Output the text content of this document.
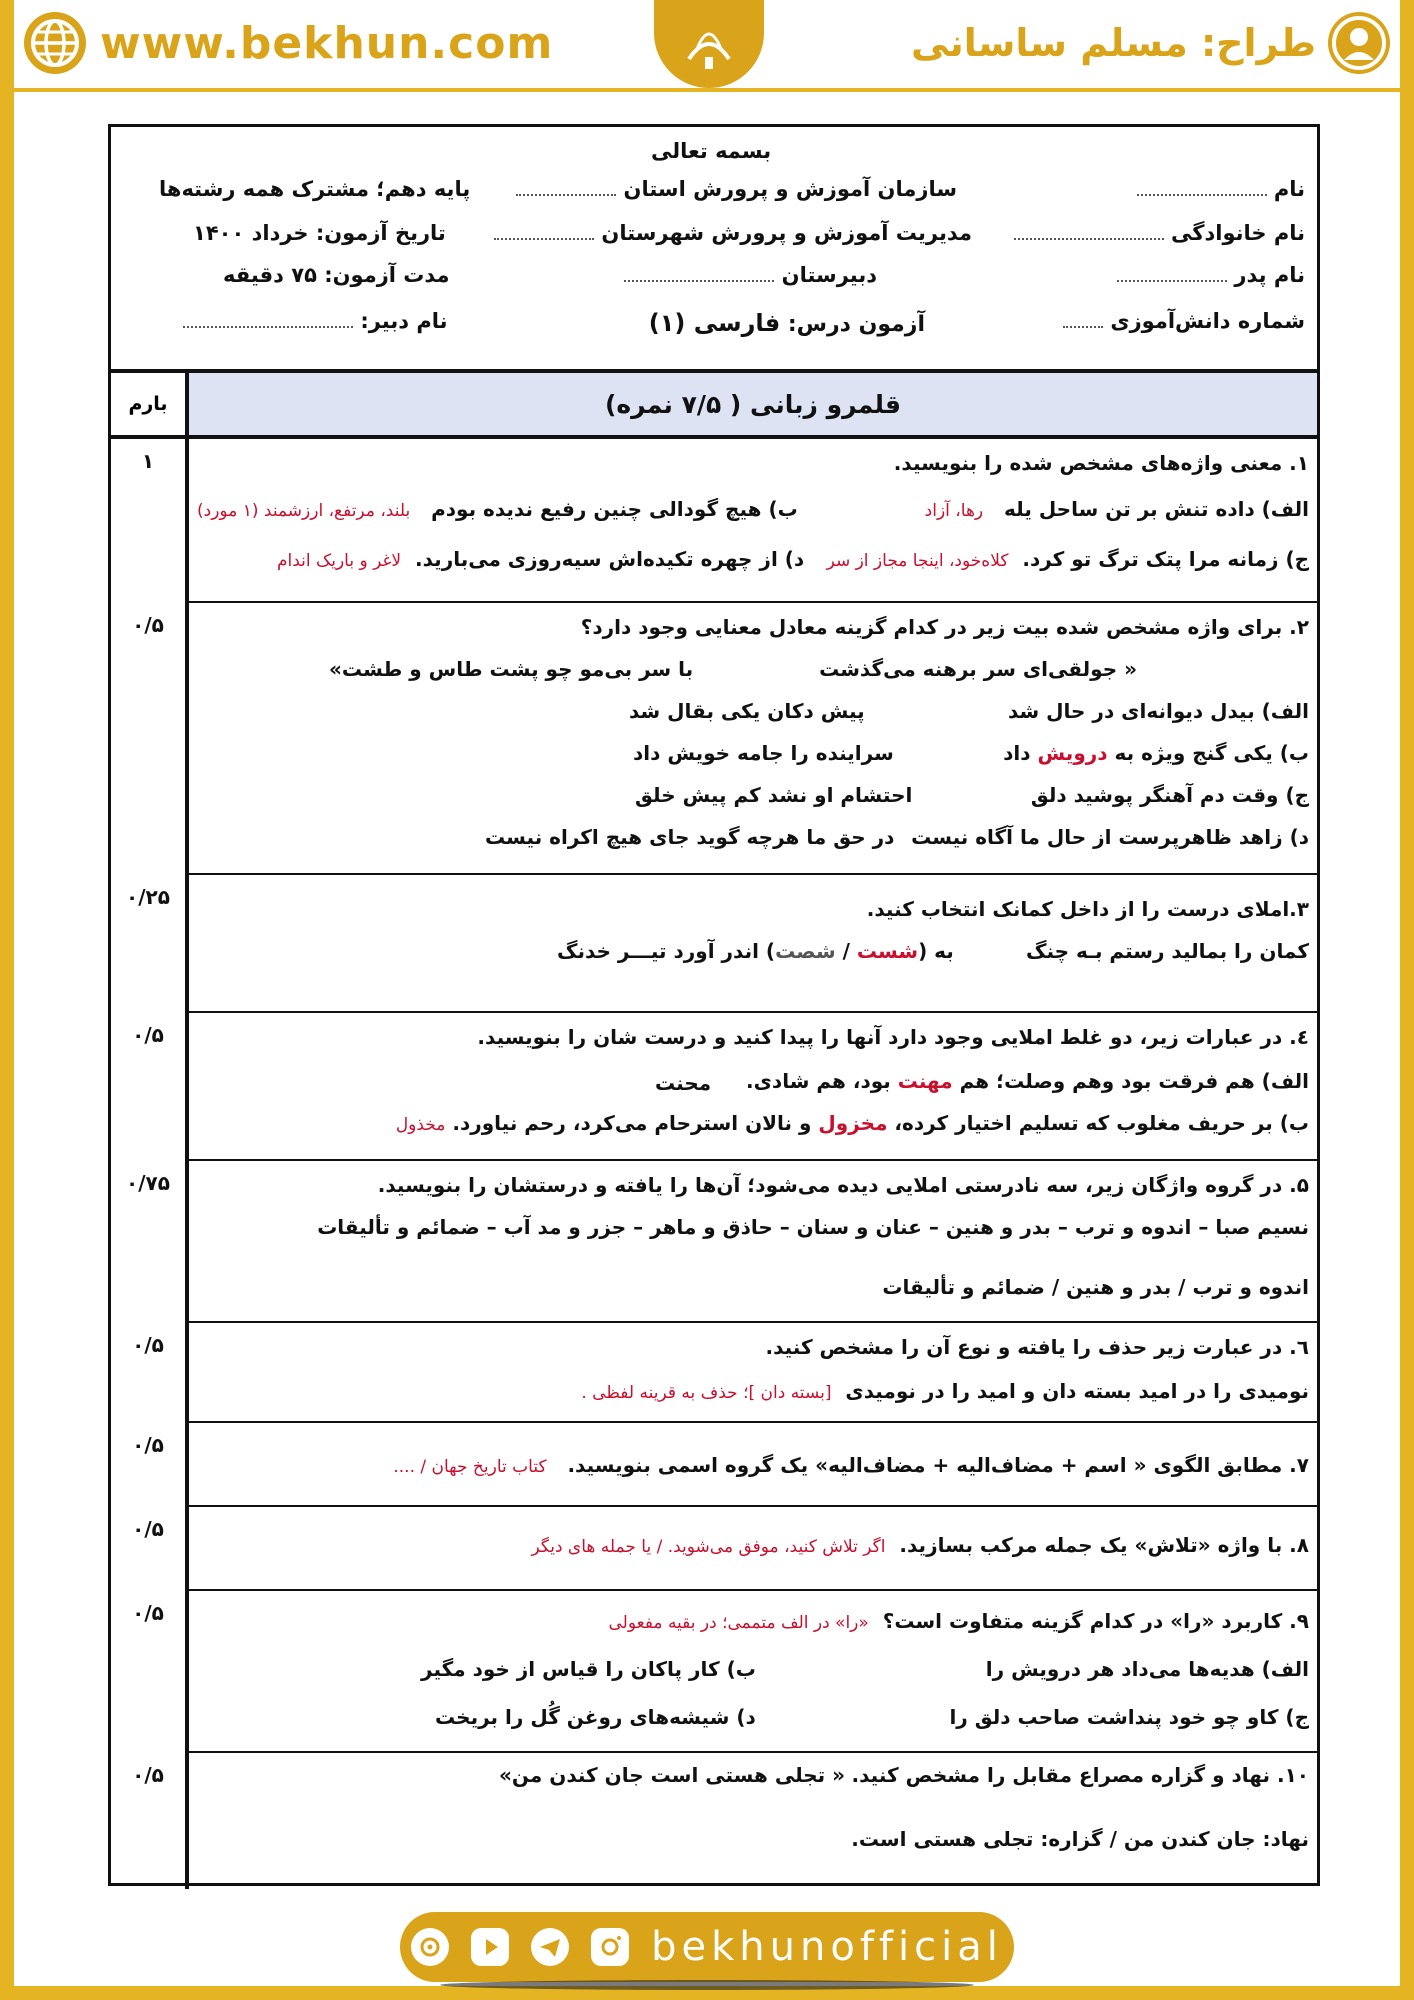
www.bekhun.com	طراح: مسلم ساسانی
بسمه تعالی
نام
نام خانوادگی
نام پدر
شماره دانش‌آموزی
سازمان آموزش و پرورش استان
مدیریت آموزش و پرورش شهرستان
دبیرستان
آزمون درس: فارسی (۱)
پایه دهم؛ مشترک همه رشته‌ها
تاریخ آزمون: خرداد ۱۴۰۰
مدت آزمون: ۷۵ دقیقه
نام دبیر:
بارم	قلمرو زبانی ( ۷/۵ نمره)
۱. معنی واژه‌های مشخص شده را بنویسید.
الف) داده تنش بر تن ساحل یله   رها، آزاد
ب) هیچ گودالی چنین رفیع ندیده بودم   بلند، مرتفع، ارزشمند (۱ مورد)
ج) زمانه مرا پتک ترگ تو کرد.  کلاه‌خود، اینجا مجاز از سر
د) از چهره تکیده‌اش سیه‌روزی می‌بارید.  لاغر و باریک اندام
۱
۲. برای واژه مشخص شده بیت زیر در کدام گزینه معادل معنایی وجود دارد؟
« جولقی‌ای سر برهنه می‌گذشت
با سر بی‌مو چو پشت طاس و طشت»
الف) بیدل دیوانه‌ای در حال شد
پیش دکان یکی بقال شد
ب) یکی گنج ویژه به درویش داد
سراینده را جامه خویش داد
ج) وقت دم آهنگر پوشید دلق
احتشام او نشد کم پیش خلق
د) زاهد ظاهرپرست از حال ما آگاه نیست
در حق ما هرچه گوید جای هیچ اکراه نیست
۰/۵
۳.املای درست را از داخل کمانک انتخاب کنید.
کمان را بمالید رستم بـه چنگ
به (شست / شصت) اندر آورد تیـــر خدنگ
۰/۲۵
٤. در عبارات زیر، دو غلط املایی وجود دارد آنها را پیدا کنید و درست شان را بنویسید.
الف) هم فرقت بود وهم وصلت؛ هم مهنت بود، هم شادی.
محنت
ب) بر حریف مغلوب که تسلیم اختیار کرده، مخزول و نالان استرحام می‌کرد، رحم نیاورد. مخذول
۰/۵
۵. در گروه واژگان زیر، سه نادرستی املایی دیده می‌شود؛ آن‌ها را یافته و درستشان را بنویسید.
نسیم صبا – اندوه و ترب – بدر و هنین – عنان و سنان – حاذق و ماهر – جزر و مد آب – ضمائم و تألیقات
اندوه و ترب / بدر و هنین / ضمائم و تألیقات
۰/۷۵
٦. در عبارت زیر حذف را یافته و نوع آن را مشخص کنید.
نومیدی را در امید بسته دان و امید را در نومیدی  [بسته دان ]؛ حذف به قرینه لفظی .
۰/۵
۷. مطابق الگوی « اسم + مضاف‌الیه + مضاف‌الیه» یک گروه اسمی بنویسید.   کتاب تاریخ جهان / ....
۰/۵
۸. با واژه «تلاش» یک جمله مرکب بسازید.  اگر تلاش کنید، موفق می‌شوید. / یا جمله های دیگر
۰/۵
۹. کاربرد «را» در کدام گزینه متفاوت است؟  «را» در الف متممی؛ در بقیه مفعولی
الف) هدیه‌ها می‌داد هر درویش را
ب) کار پاکان را قیاس از خود مگیر
ج) کاو چو خود پنداشت صاحب دلق را
د) شیشه‌های روغن گُل را بریخت
۰/۵
۱۰. نهاد و گزاره مصراع مقابل را مشخص کنید.
« تجلی هستی است جان کندن من»
نهاد: جان کندن من / گزاره: تجلی هستی است.
۰/۵
bekhunofficial
